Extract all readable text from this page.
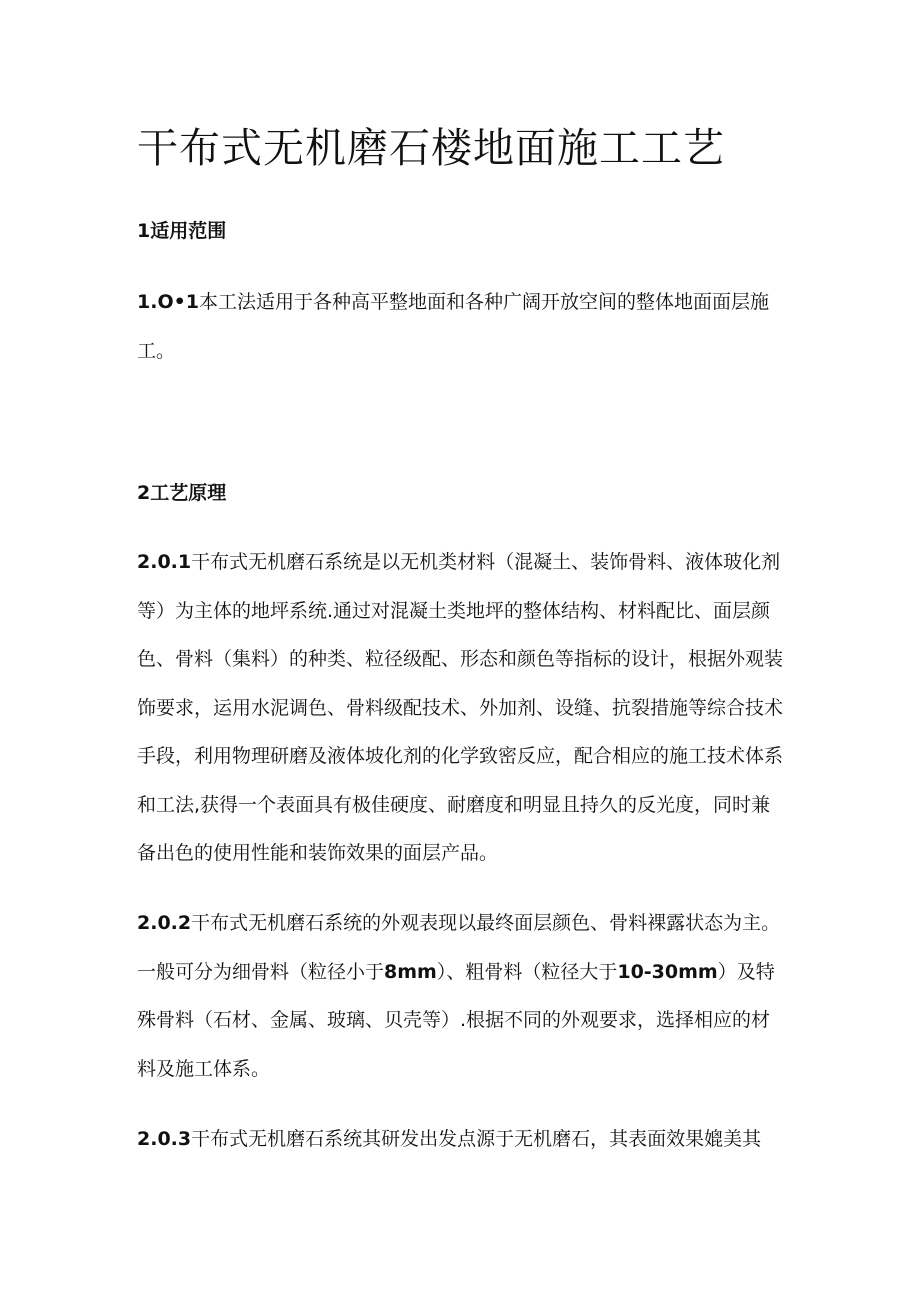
干布式无机磨石楼地面施工工艺
1适用范围

1.O•1本工法适用于各种高平整地面和各种广阔开放空间的整体地面面层施工。

2工艺原理

2.0.1干布式无机磨石系统是以无机类材料（混凝土、装饰骨料、液体玻化剂等）为主体的地坪系统.通过对混凝土类地坪的整体结构、材料配比、面层颜色、骨料（集料）的种类、粒径级配、形态和颜色等指标的设计，根据外观装饰要求，运用水泥调色、骨料级配技术、外加剂、设缝、抗裂措施等综合技术手段，利用物理研磨及液体坡化剂的化学致密反应，配合相应的施工技术体系和工法,获得一个表面具有极佳硬度、耐磨度和明显且持久的反光度，同时兼备出色的使用性能和装饰效果的面层产品。

2.0.2干布式无机磨石系统的外观表现以最终面层颜色、骨料裸露状态为主。一般可分为细骨料（粒径小于8mm）、粗骨料（粒径大于10-30mm）及特殊骨料（石材、金属、玻璃、贝壳等）.根据不同的外观要求，选择相应的材料及施工体系。

2.0.3干布式无机磨石系统其研发出发点源于无机磨石，其表面效果媲美其
